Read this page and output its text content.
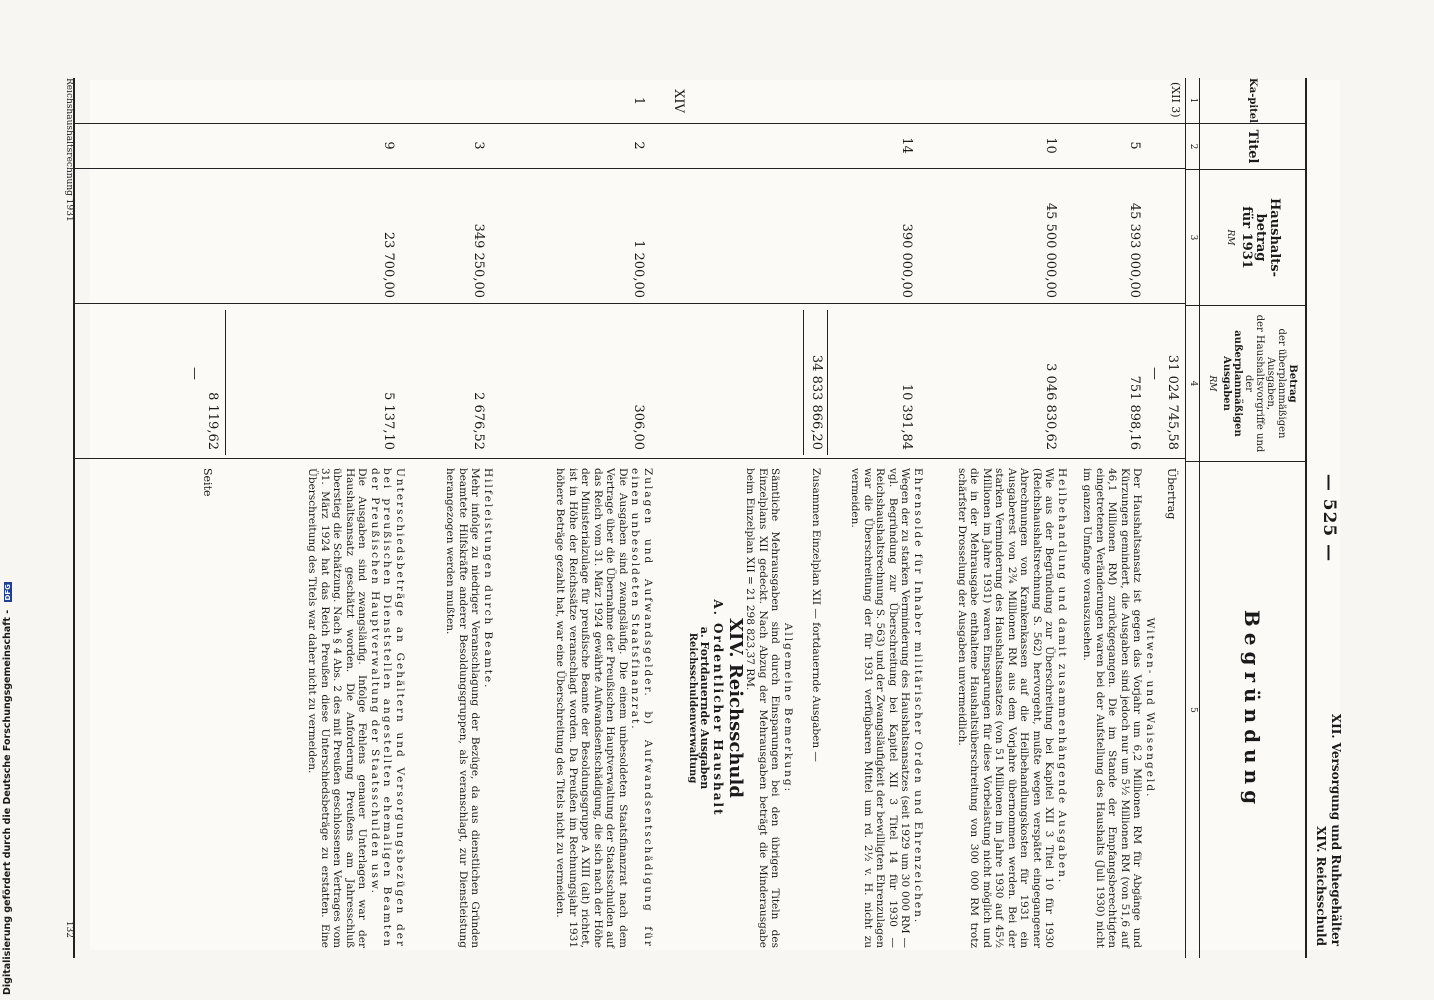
Reichshaushaltsrechnung 1931
132
Digitalisierung gefördert durch die Deutsche Forschungsgemeinschaft - DFG
— 525 —
XII. Versorgung und Ruhegehälter
XIV. Reichsschuld
Ka-pitel
Titel
Haushalts-
betrag
für 1931
RM
Betrag
der überplanmäßigen Ausgaben,
der Haushaltsvorgriffe und der
außerplanmäßigen Ausgaben
RM
Begründung
1
2
3
4
5
(XII 3)
31 024 745,58
—
Übertrag
5
45 393 000,00
751 898,16
Witwen- und Waisengeld.
Der Haushaltsansatz ist gegen das Vorjahr um 6,2 Millionen RM für Abgänge und Kürzungen gemindert, die Ausgaben sind jedoch nur um 5½ Millionen RM (von 51,6 auf 46,1 Millionen RM) zurückgegangen. Die im Stande der Empfangsberechtigten eingetretenen Veränderungen waren bei der Aufstellung des Haushalts (Juli 1930) nicht im ganzen Umfange vorauszusehen.
10
45 500 000,00
3 046 830,62
Heilbehandlung und damit zusammenhängende Ausgaben.
Wie aus der Begründung zur Überschreitung bei Kapitel XII 3 Titel 10 für 1930 (Reichshaushaltsrechnung S. 562) hervorgeht, mußte wegen verspätet eingegangener Abrechnungen von Krankenkassen auf die Heilbehandlungskosten für 1931 ein Ausgaberest von 2¾ Millionen RM aus dem Vorjahre übernommen werden. Bei der starken Verminderung des Haushaltsansatzes (von 51 Millionen im Jahre 1930 auf 45½ Millionen im Jahre 1931) waren Einsparungen für diese Vorbelastung nicht möglich und die in der Mehrausgabe enthaltene Haushaltsüberschreitung von 300 000 RM trotz schärfster Drosselung der Ausgaben unvermeidlich.
14
390 000,00
10 391,84
Ehrensolde für Inhaber militärischer Orden und Ehrenzeichen.
Wegen der zu starken Verminderung des Haushaltsansatzes (seit 1929 um 30 000 RM — vgl. Begründung zur Überschreitung bei Kapitel XII 3 Titel 14 für 1930 — Reichshaushaltsrechnung S. 563) und der Zwangsläufigkeit der bewilligten Ehrenzulagen war die Überschreitung der für 1931 verfügbaren Mittel um rd. 2½ v. H. nicht zu vermeiden.
34 833 866,20
Zusammen Einzelplan XII — fortdauernde Ausgaben —
Allgemeine Bemerkung:
Sämtliche Mehrausgaben sind durch Einsparungen bei den übrigen Titeln des Einzelplans XII gedeckt. Nach Abzug der Mehrausgaben beträgt die Minderausgabe beim Einzelplan XII = 21 298 823,37 RM.
XIV
XIV. Reichsschuld
A. Ordentlicher Haushalt
a. Fortdauernde Ausgaben
Reichsschuldenverwaltung
1
2
1 200,00
306,00
Zulagen und Aufwandsgelder. b) Aufwandsentschädigung für einen unbesoldeten Staatsfinanzrat.
Die Ausgaben sind zwangsläufig. Die einem unbesoldeten Staatsfinanzrat nach dem Vertrage über die Übernahme der Preußischen Hauptverwaltung der Staatsschulden auf das Reich vom 31. März 1924 gewährte Aufwandsentschädigung, die sich nach der Höhe der Ministerialzulage für preußische Beamte der Besoldungsgruppe A XIII (alt) richtet, ist in Höhe der Reichssätze veranschlagt worden. Da Preußen im Rechnungsjahr 1931 höhere Beträge gezahlt hat, war eine Überschreitung des Titels nicht zu vermeiden.
3
349 250,00
2 676,52
Hilfeleistungen durch Beamte.
Mehr infolge zu niedriger Veranschlagung der Bezüge, da aus dienstlichen Gründen beamtete Hilfskräfte anderer Besoldungsgruppen, als veranschlagt, zur Dienstleistung herangezogen werden mußten.
9
23 700,00
5 137,10
Unterschiedsbeträge an Gehältern und Versorgungsbezügen der bei preußischen Dienststellen angestellten ehemaligen Beamten der Preußischen Hauptverwaltung der Staatsschulden usw.
Die Ausgaben sind zwangsläufig. Infolge Fehlens genauer Unterlagen war der Haushaltsansatz geschätzt worden. Die Anforderung Preußens am Jahresschluß überstieg die Schätzung. Nach § 4 Abs. 2 des mit Preußen geschlossenen Vertrages vom 31. März 1924 hat das Reich Preußen diese Unterschiedsbeträge zu erstatten. Eine Überschreitung des Titels war daher nicht zu vermeiden.
8 119,62
—
Seite
